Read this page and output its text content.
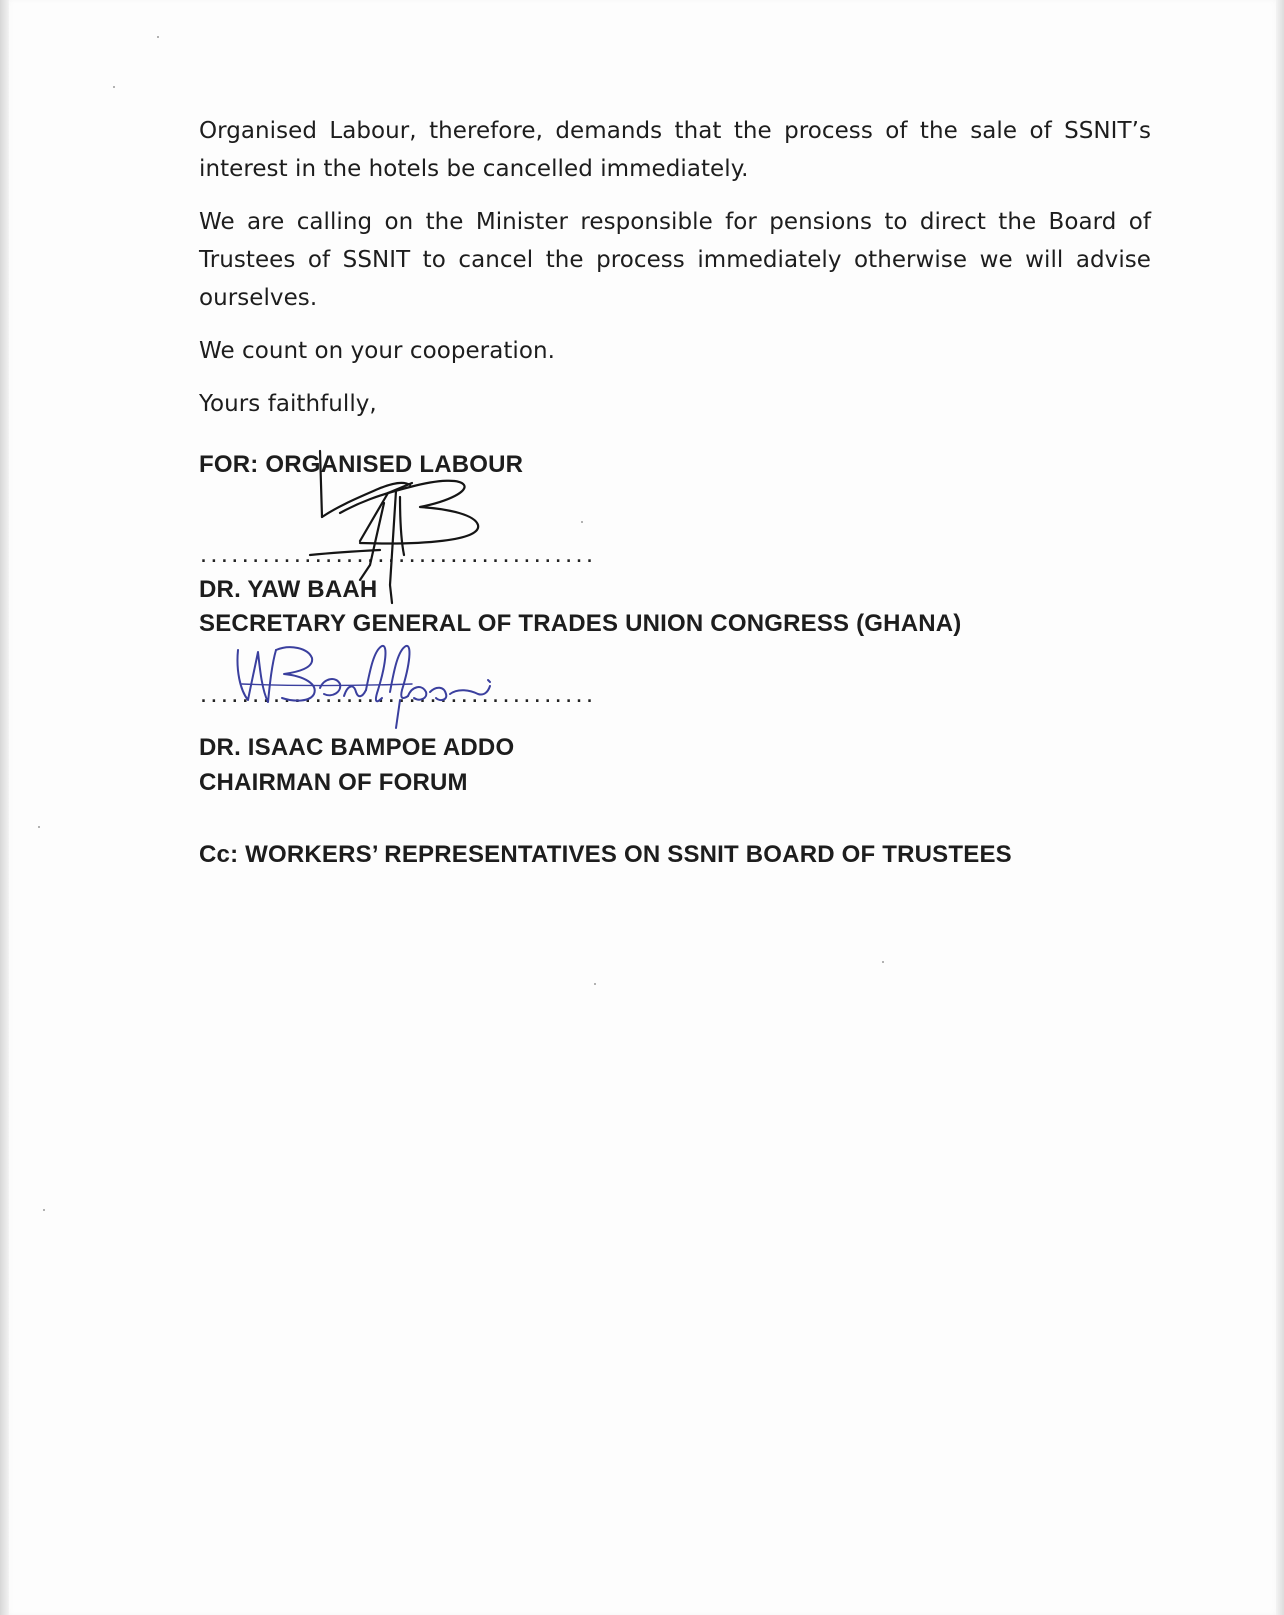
Organised Labour, therefore, demands that the process of the sale of SSNIT’s interest in the hotels be cancelled immediately.

We are calling on the Minister responsible for pensions to direct the Board of Trustees of SSNIT to cancel the process immediately otherwise we will advise ourselves.

We count on your cooperation.

Yours faithfully,

FOR: ORGANISED LABOUR
......................................
DR. YAW BAAH
SECRETARY GENERAL OF TRADES UNION CONGRESS (GHANA)
......................................
DR. ISAAC BAMPOE ADDO
CHAIRMAN OF FORUM
Cc: WORKERS’ REPRESENTATIVES ON SSNIT BOARD OF TRUSTEES
